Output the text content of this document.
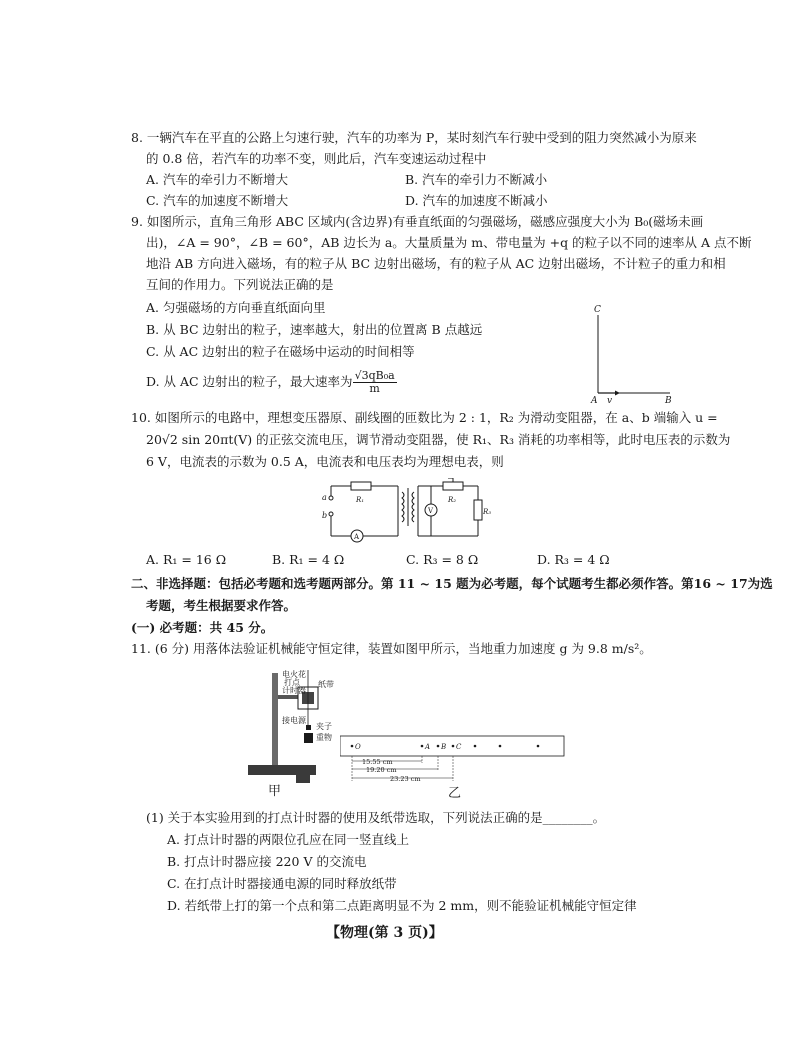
8. 一辆汽车在平直的公路上匀速行驶，汽车的功率为 P，某时刻汽车行驶中受到的阻力突然减小为原来
的 0.8 倍，若汽车的功率不变，则此后，汽车变速运动过程中
A. 汽车的牵引力不断增大	B. 汽车的牵引力不断减小
C. 汽车的加速度不断增大	D. 汽车的加速度不断减小
9. 如图所示，直角三角形 ABC 区域内(含边界)有垂直纸面的匀强磁场，磁感应强度大小为 B₀(磁场未画
出)，∠A = 90°，∠B = 60°，AB 边长为 a。大量质量为 m、带电量为 +q 的粒子以不同的速率从 A 点不断
地沿 AB 方向进入磁场，有的粒子从 BC 边射出磁场，有的粒子从 AC 边射出磁场，不计粒子的重力和相
互间的作用力。下列说法正确的是
A. 匀强磁场的方向垂直纸面向里
B. 从 BC 边射出的粒子，速率越大，射出的位置离 B 点越远
C. 从 AC 边射出的粒子在磁场中运动的时间相等
D. 从 AC 边射出的粒子，最大速率为 $\frac{\text{√3qB₀a}}{m}$
C
A v	B
10. 如图所示的电路中，理想变压器原、副线圈的匝数比为 2 : 1，R₂ 为滑动变阻器，在 a、b 端输入 u =
20√2 sin 20πt(V) 的正弦交流电压，调节滑动变阻器，使 R₁、R₃ 消耗的功率相等，此时电压表的示数为
6 V，电流表的示数为 0.5 A，电流表和电压表均为理想电表，则
a
b
R₁
A
V
R₂
R₃
A. R₁ = 16 Ω	B. R₁ = 4 Ω	C. R₃ = 8 Ω	D. R₃ = 4 Ω
二、非选择题：包括必考题和选考题两部分。第 11 ~ 15 题为必考题，每个试题考生都必须作答。第16 ~ 17为选
考题，考生根据要求作答。
(一) 必考题：共 45 分。
11. (6 分) 用落体法验证机械能守恒定律，装置如图甲所示，当地重力加速度 g 为 9.8 m/s²。
电火花
打点
计时器
纸带
夹子
重物
接电源
甲
O	A B C
15.55 cm
19.20 cm
23.23 cm
乙
(1) 关于本实验用到的打点计时器的使用及纸带选取，下列说法正确的是________。
A. 打点计时器的两限位孔应在同一竖直线上
B. 打点计时器应接 220 V 的交流电
C. 在打点计时器接通电源的同时释放纸带
D. 若纸带上打的第一个点和第二点距离明显不为 2 mm，则不能验证机械能守恒定律
【物理(第 3 页)】
